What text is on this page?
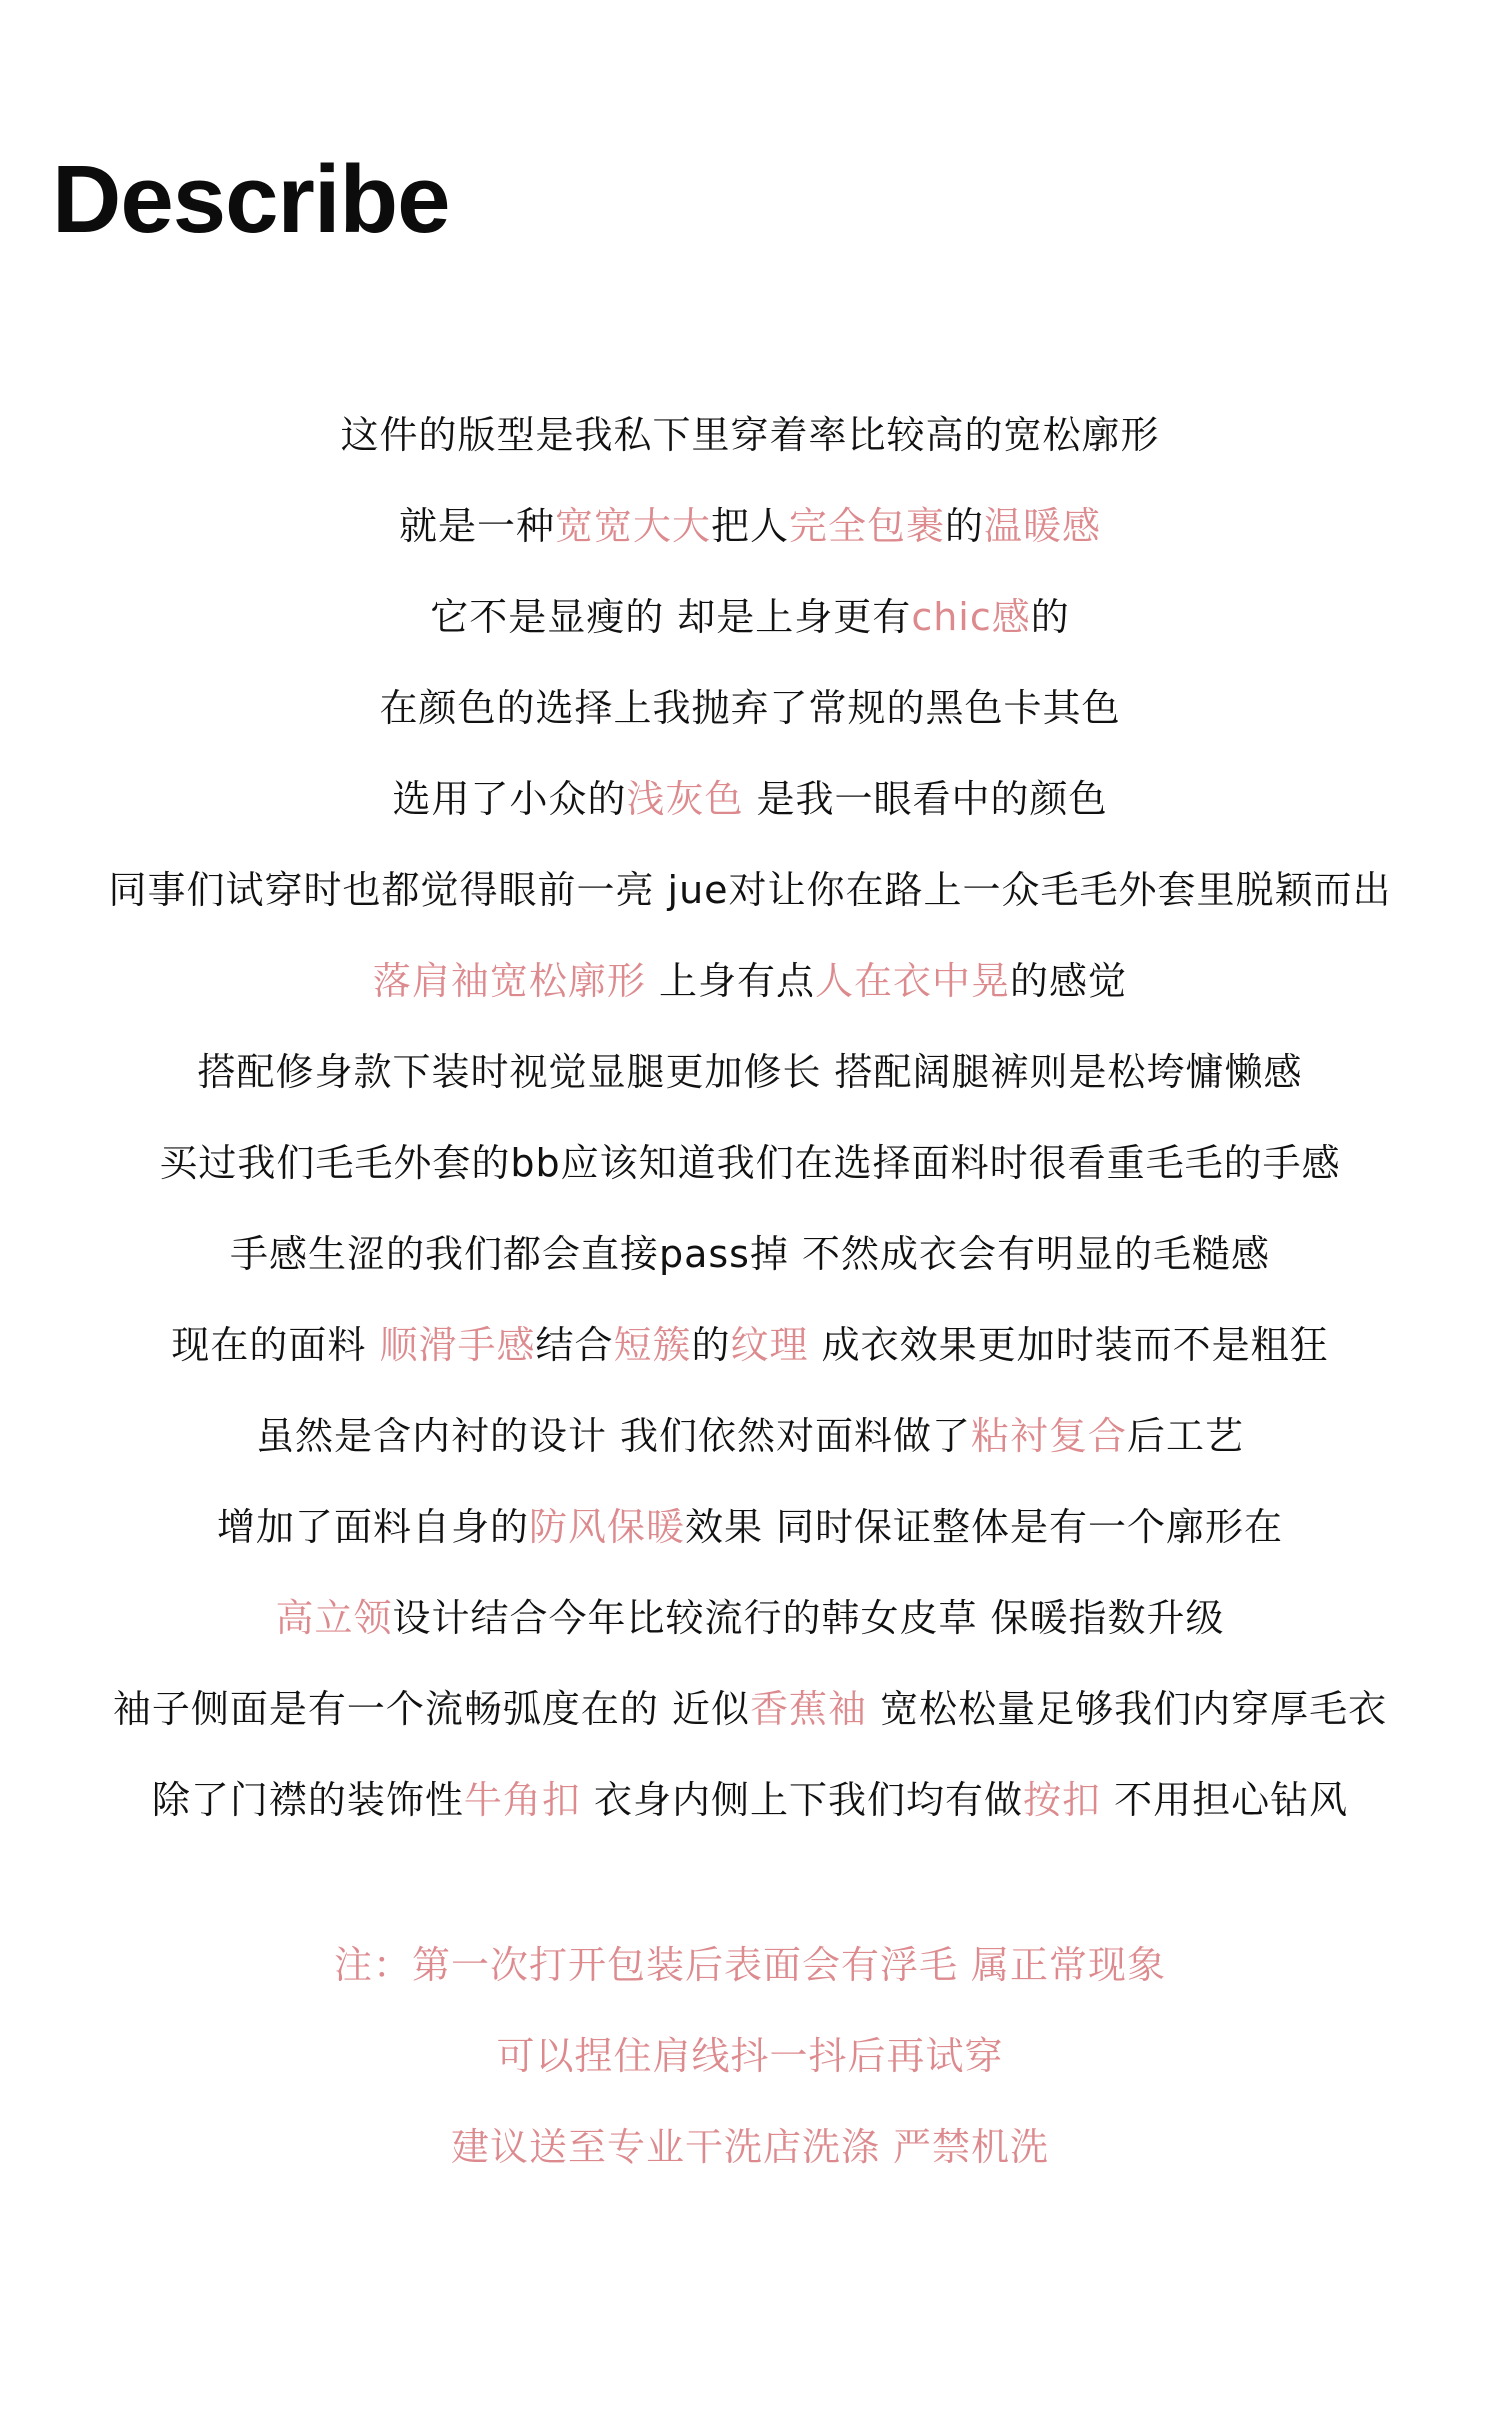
Describe
这件的版型是我私下里穿着率比较高的宽松廓形
就是一种宽宽大大把人完全包裹的温暖感
它不是显瘦的 却是上身更有chic感的
在颜色的选择上我抛弃了常规的黑色卡其色
选用了小众的浅灰色 是我一眼看中的颜色
同事们试穿时也都觉得眼前一亮 jue对让你在路上一众毛毛外套里脱颖而出
落肩袖宽松廓形 上身有点人在衣中晃的感觉
搭配修身款下装时视觉显腿更加修长 搭配阔腿裤则是松垮慵懒感
买过我们毛毛外套的bb应该知道我们在选择面料时很看重毛毛的手感
手感生涩的我们都会直接pass掉 不然成衣会有明显的毛糙感
现在的面料 顺滑手感结合短簇的纹理 成衣效果更加时装而不是粗狂
虽然是含内衬的设计 我们依然对面料做了粘衬复合后工艺
增加了面料自身的防风保暖效果 同时保证整体是有一个廓形在
高立领设计结合今年比较流行的韩女皮草 保暖指数升级
袖子侧面是有一个流畅弧度在的 近似香蕉袖 宽松松量足够我们内穿厚毛衣
除了门襟的装饰性牛角扣 衣身内侧上下我们均有做按扣 不用担心钻风
注：第一次打开包装后表面会有浮毛 属正常现象
可以捏住肩线抖一抖后再试穿
建议送至专业干洗店洗涤 严禁机洗
